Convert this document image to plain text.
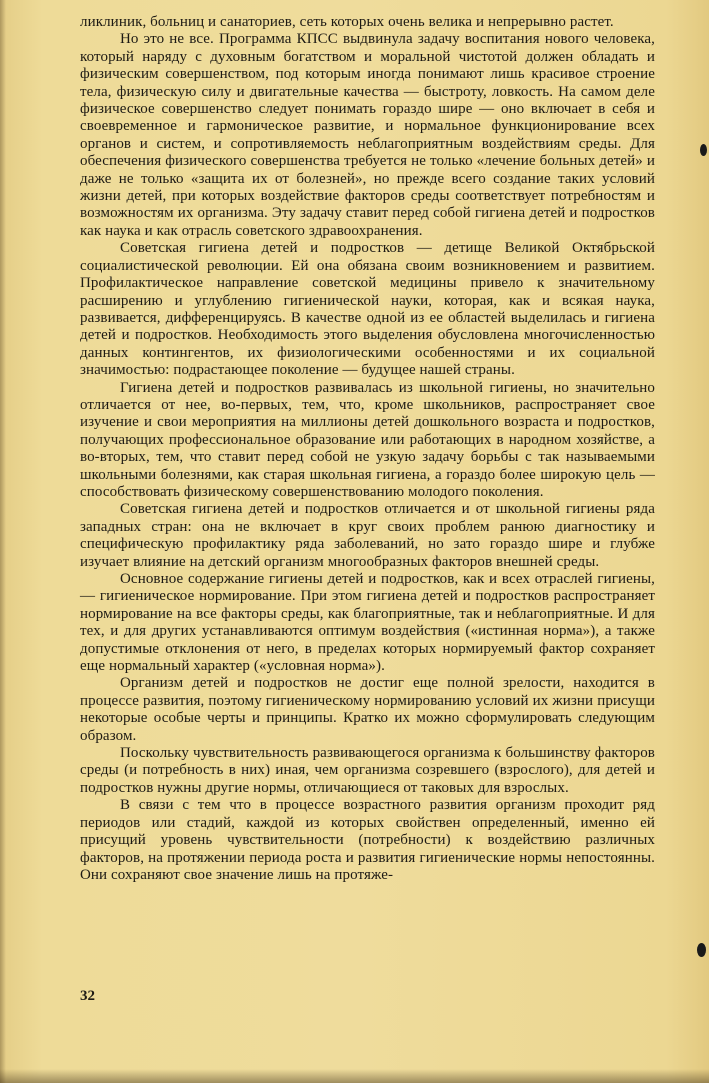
ликлиник, больниц и санаториев, сеть которых очень велика и непрерывно растет.

Но это не все. Программа КПСС выдвинула задачу воспитания нового человека, который наряду с духовным богатством и моральной чистотой должен обладать и физическим совершенством, под которым иногда понимают лишь красивое строение тела, физическую силу и двигательные качества — быстроту, ловкость. На самом деле физическое совершенство следует понимать гораздо шире — оно включает в себя и своевременное и гармоническое развитие, и нормальное функционирование всех органов и систем, и сопротивляемость неблагоприятным воздействиям среды. Для обеспечения физического совершенства требуется не только «лечение больных детей» и даже не только «защита их от болезней», но прежде всего создание таких условий жизни детей, при которых воздействие факторов среды соответствует потребностям и возможностям их организма. Эту задачу ставит перед собой гигиена детей и подростков как наука и как отрасль советского здравоохранения.

Советская гигиена детей и подростков — детище Великой Октябрьской социалистической революции. Ей она обязана своим возникновением и развитием. Профилактическое направление советской медицины привело к значительному расширению и углублению гигиенической науки, которая, как и всякая наука, развивается, дифференцируясь. В качестве одной из ее областей выделилась и гигиена детей и подростков. Необходимость этого выделения обусловлена многочисленностью данных контингентов, их физиологическими особенностями и их социальной значимостью: подрастающее поколение — будущее нашей страны.

Гигиена детей и подростков развивалась из школьной гигиены, но значительно отличается от нее, во-первых, тем, что, кроме школьников, распространяет свое изучение и свои мероприятия на миллионы детей дошкольного возраста и подростков, получающих профессиональное образование или работающих в народном хозяйстве, а во-вторых, тем, что ставит перед собой не узкую задачу борьбы с так называемыми школьными болезнями, как старая школьная гигиена, а гораздо более широкую цель — способствовать физическому совершенствованию молодого поколения.

Советская гигиена детей и подростков отличается и от школьной гигиены ряда западных стран: она не включает в круг своих проблем ранюю диагностику и специфическую профилактику ряда заболеваний, но зато гораздо шире и глубже изучает влияние на детский организм многообразных факторов внешней среды.

Основное содержание гигиены детей и подростков, как и всех отраслей гигиены, — гигиеническое нормирование. При этом гигиена детей и подростков распространяет нормирование на все факторы среды, как благоприятные, так и неблагоприятные. И для тех, и для других устанавливаются оптимум воздействия («истинная норма»), а также допустимые отклонения от него, в пределах которых нормируемый фактор сохраняет еще нормальный характер («условная норма»).

Организм детей и подростков не достиг еще полной зрелости, находится в процессе развития, поэтому гигиеническому нормированию условий их жизни присущи некоторые особые черты и принципы. Кратко их можно сформулировать следующим образом.

Поскольку чувствительность развивающегося организма к большинству факторов среды (и потребность в них) иная, чем организма созревшего (взрослого), для детей и подростков нужны другие нормы, отличающиеся от таковых для взрослых.

В связи с тем что в процессе возрастного развития организм проходит ряд периодов или стадий, каждой из которых свойствен определенный, именно ей присущий уровень чувствительности (потребности) к воздействию различных факторов, на протяжении периода роста и развития гигиенические нормы непостоянны. Они сохраняют свое значение лишь на протяже-

32
